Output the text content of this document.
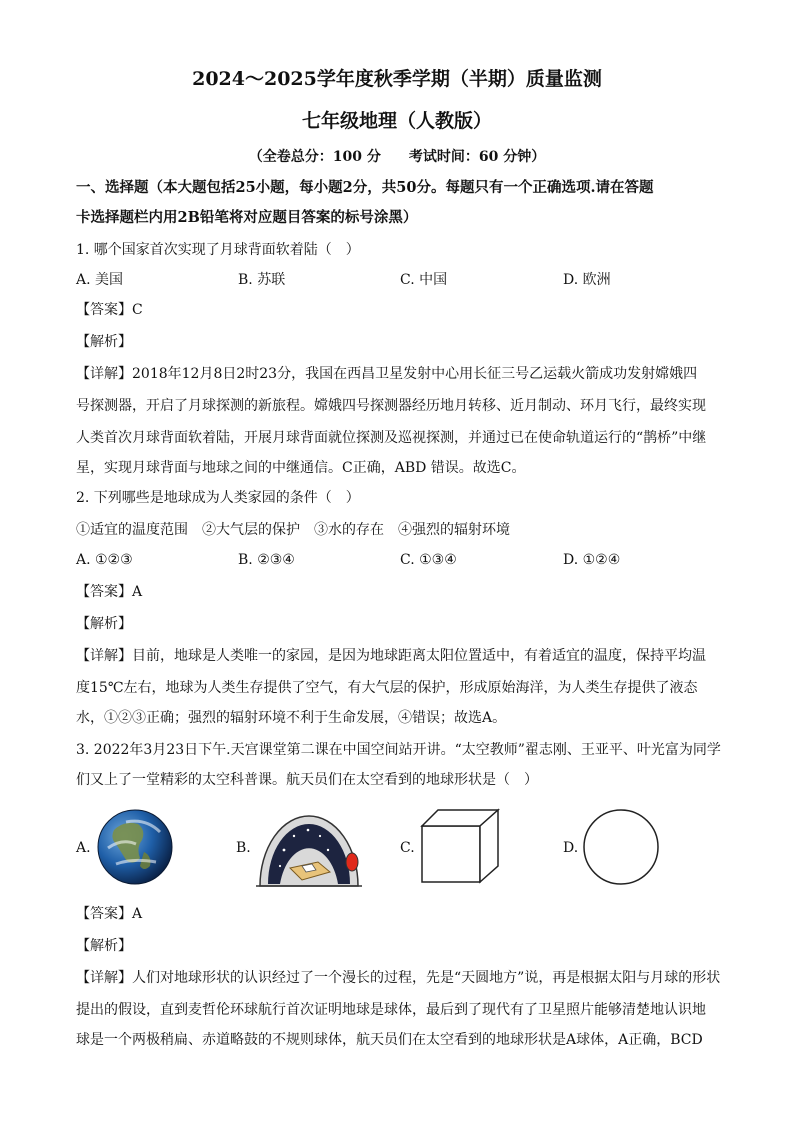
2024～2025学年度秋季学期（半期）质量监测
七年级地理（人教版）
（全卷总分：100 分　　考试时间：60 分钟）
一、选择题（本大题包括25小题，每小题2分，共50分。每题只有一个正确选项.请在答题
卡选择题栏内用2B铅笔将对应题目答案的标号涂黑）
1. 哪个国家首次实现了月球背面软着陆（　）
A. 美国	B. 苏联	C. 中国	D. 欧洲
【答案】C
【解析】
【详解】2018年12月8日2时23分，我国在西昌卫星发射中心用长征三号乙运载火箭成功发射嫦娥四
号探测器，开启了月球探测的新旅程。嫦娥四号探测器经历地月转移、近月制动、环月飞行，最终实现
人类首次月球背面软着陆，开展月球背面就位探测及巡视探测，并通过已在使命轨道运行的“鹊桥”中继
星，实现月球背面与地球之间的中继通信。C正确，ABD 错误。故选C。
2. 下列哪些是地球成为人类家园的条件（　）
①适宜的温度范围　②大气层的保护　③水的存在　④强烈的辐射环境
A. ①②③	B. ②③④	C. ①③④	D. ①②④
【答案】A
【解析】
【详解】目前，地球是人类唯一的家园，是因为地球距离太阳位置适中，有着适宜的温度，保持平均温
度15℃左右，地球为人类生存提供了空气，有大气层的保护，形成原始海洋，为人类生存提供了液态
水，①②③正确；强烈的辐射环境不利于生命发展，④错误；故选A。
3. 2022年3月23日下午.天宫课堂第二课在中国空间站开讲。“太空教师”翟志刚、王亚平、叶光富为同学
们又上了一堂精彩的太空科普课。航天员们在太空看到的地球形状是（　）
A.	B.	C.	D.
【答案】A
【解析】
【详解】人们对地球形状的认识经过了一个漫长的过程，先是“天圆地方”说，再是根据太阳与月球的形状
提出的假设，直到麦哲伦环球航行首次证明地球是球体，最后到了现代有了卫星照片能够清楚地认识地
球是一个两极稍扁、赤道略鼓的不规则球体，航天员们在太空看到的地球形状是A球体，A正确，BCD
